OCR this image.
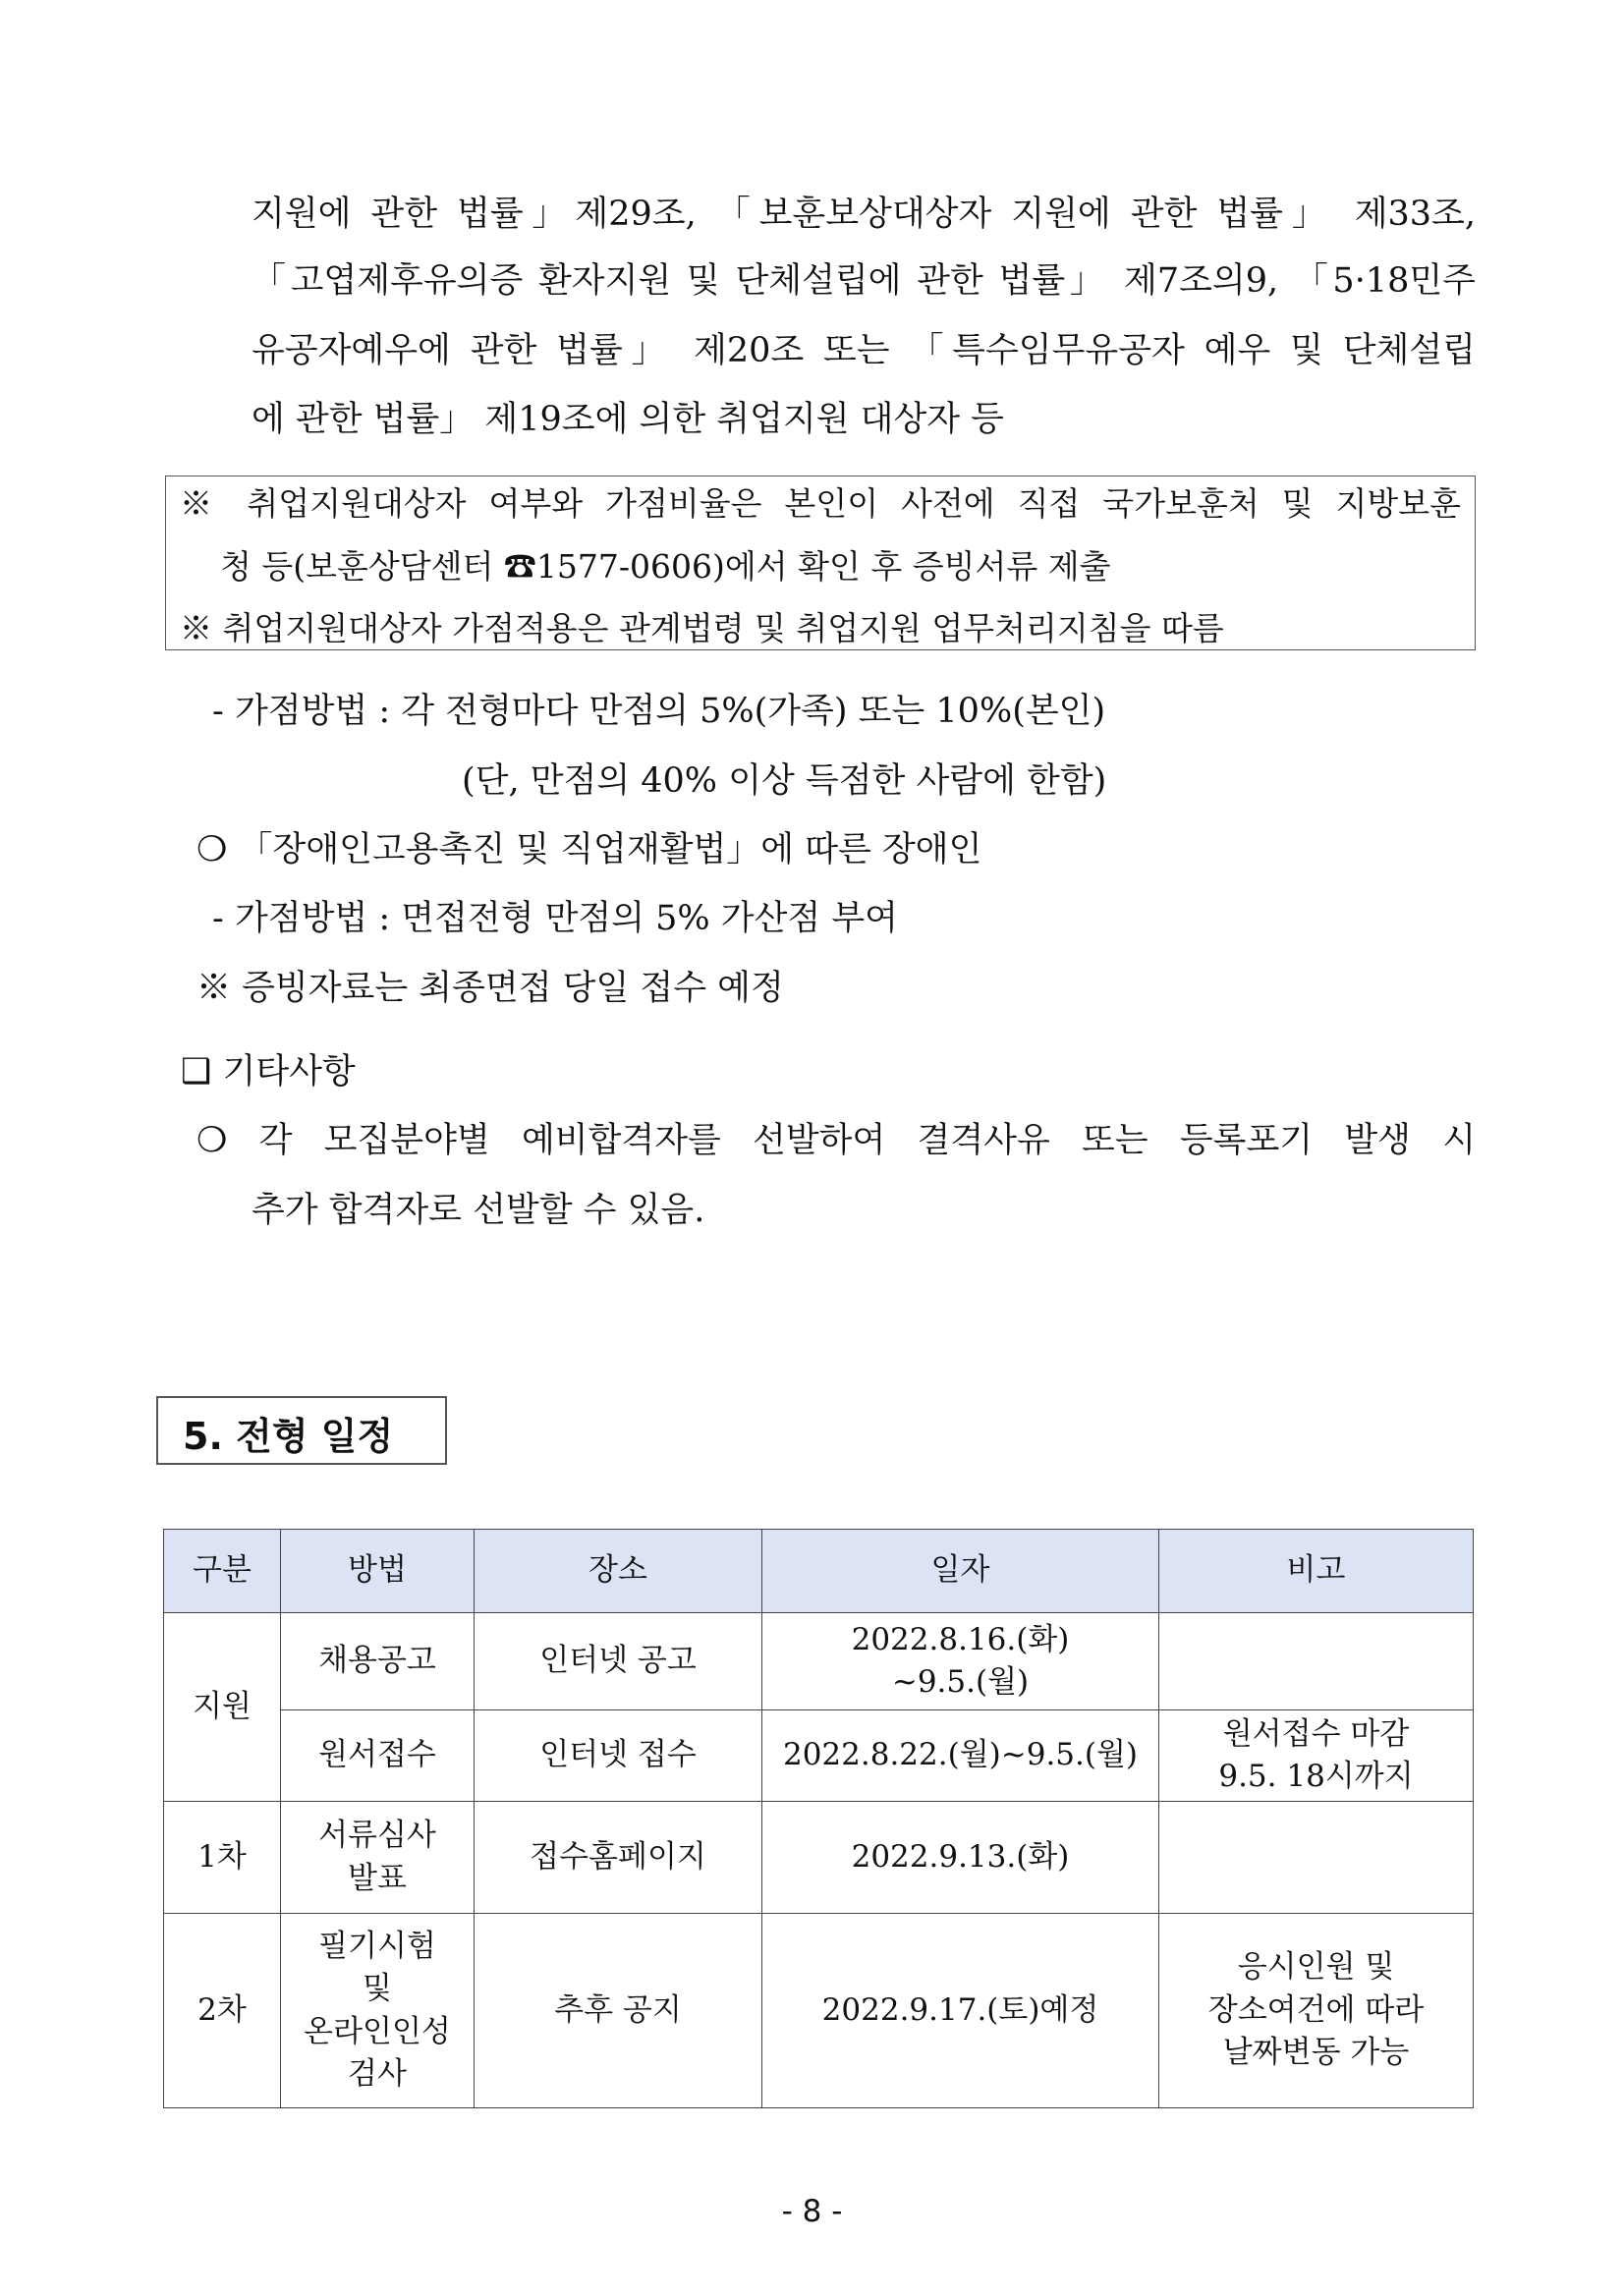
지원에 관한 법률」제29조, 「보훈보상대상자 지원에 관한 법률」 제33조,
「고엽제후유의증 환자지원 및 단체설립에 관한 법률」 제7조의9, 「5·18민주
유공자예우에 관한 법률」 제20조 또는 「특수임무유공자 예우 및 단체설립
에 관한 법률」 제19조에 의한 취업지원 대상자 등
※ 취업지원대상자 여부와 가점비율은 본인이 사전에 직접 국가보훈처 및 지방보훈
청 등(보훈상담센터 ☎1577-0606)에서 확인 후 증빙서류 제출
※ 취업지원대상자 가점적용은 관계법령 및 취업지원 업무처리지침을 따름
- 가점방법 : 각 전형마다 만점의 5%(가족) 또는 10%(본인)
(단, 만점의 40% 이상 득점한 사람에 한함)
❍ 「장애인고용촉진 및 직업재활법」에 따른 장애인
- 가점방법 : 면접전형 만점의 5% 가산점 부여
※ 증빙자료는 최종면접 당일 접수 예정
❑ 기타사항
❍ 각 모집분야별 예비합격자를 선발하여 결격사유 또는 등록포기 발생 시
추가 합격자로 선발할 수 있음.
5. 전형 일정
구분	방법	장소	일자	비고
지원	채용공고	인터넷 공고	2022.8.16.(화)
~9.5.(월)	

	원서접수	인터넷 접수	2022.8.22.(월)~9.5.(월)	원서접수 마감
9.5. 18시까지

1차	서류심사
발표	접수홈페이지	2022.9.13.(화)	
2차	필기시험
및
온라인인성
검사	추후 공지	2022.9.17.(토)예정	응시인원 및
장소여건에 따라
날짜변동 가능
- 8 -
